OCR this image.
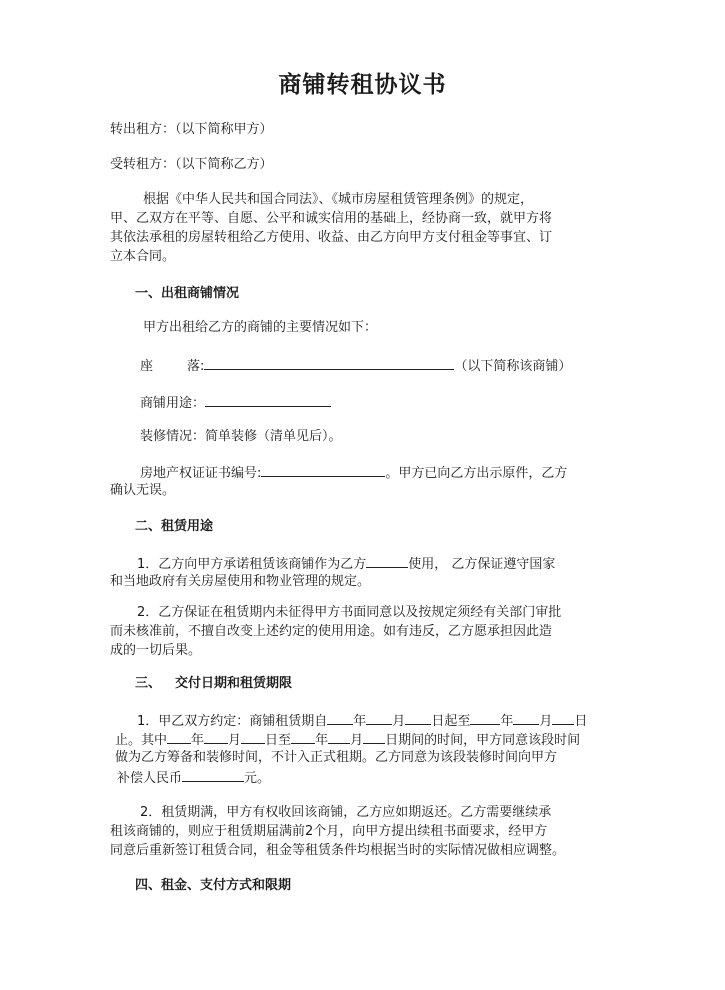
商铺转租协议书
转出租方：（以下简称甲方）
受转租方：（以下简称乙方）
根据《中华人民共和国合同法》、《城市房屋租赁管理条例》的规定，
甲、乙双方在平等、自愿、公平和诚实信用的基础上，经协商一致，就甲方将
其依法承租的房屋转租给乙方使用、收益、由乙方向甲方支付租金等事宜、订
立本合同。
一、出租商铺情况
甲方出租给乙方的商铺的主要情况如下：
座	落:	（以下简称该商铺）
商铺用途：
装修情况：简单装修（清单见后）。
房地产权证证书编号:	。甲方已向乙方出示原件，乙方
确认无误。
二、租赁用途
1．乙方向甲方承诺租赁该商铺作为乙方	使用， 乙方保证遵守国家
和当地政府有关房屋使用和物业管理的规定。
2．乙方保证在租赁期内未征得甲方书面同意以及按规定须经有关部门审批
而未核准前，不擅自改变上述约定的使用用途。如有违反，乙方愿承担因此造
成的一切后果。
三、 交付日期和租赁期限
1．甲乙双方约定：商铺租赁期自 年 月 日起至 年 月 日
止。其中 年 月 日至 年 月 日期间的时间，甲方同意该段时间
做为乙方筹备和装修时间，不计入正式租期。乙方同意为该段装修时间向甲方
补偿人民币	元。
2．租赁期满，甲方有权收回该商铺，乙方应如期返还。乙方需要继续承
租该商铺的，则应于租赁期届满前2个月，向甲方提出续租书面要求，经甲方
同意后重新签订租赁合同，租金等租赁条件均根据当时的实际情况做相应调整。
四、租金、支付方式和限期
